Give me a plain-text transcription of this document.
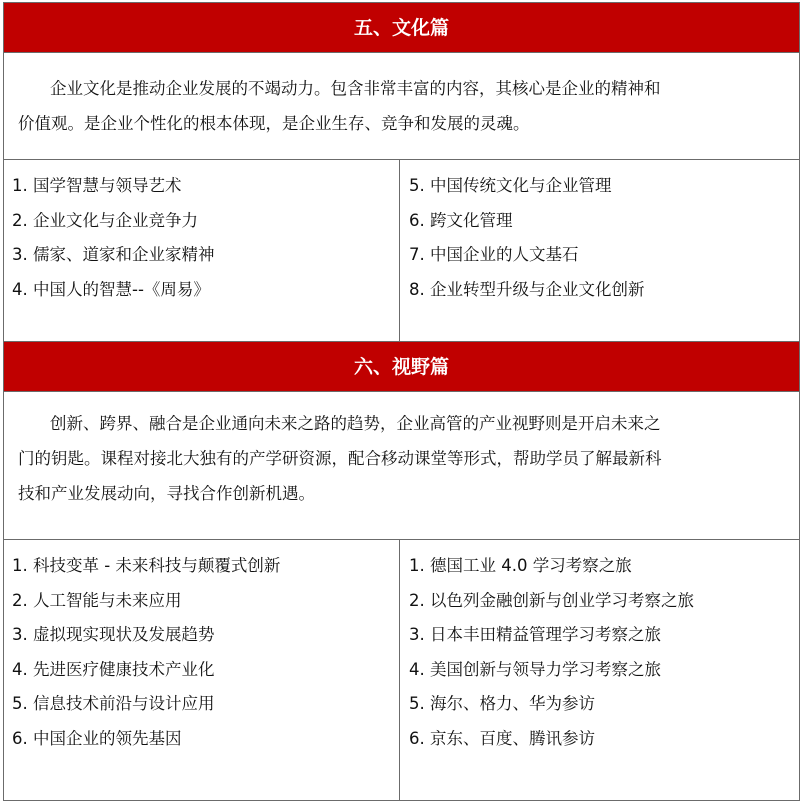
五、文化篇
企业文化是推动企业发展的不竭动力。包含非常丰富的内容，其核心是企业的精神和
价值观。是企业个性化的根本体现，是企业生存、竞争和发展的灵魂。
1. 国学智慧与领导艺术
2. 企业文化与企业竞争力
3. 儒家、道家和企业家精神
4. 中国人的智慧--《周易》
5. 中国传统文化与企业管理
6. 跨文化管理
7. 中国企业的人文基石
8. 企业转型升级与企业文化创新
六、视野篇
创新、跨界、融合是企业通向未来之路的趋势，企业高管的产业视野则是开启未来之
门的钥匙。课程对接北大独有的产学研资源，配合移动课堂等形式，帮助学员了解最新科
技和产业发展动向，寻找合作创新机遇。
1. 科技变革 - 未来科技与颠覆式创新
2. 人工智能与未来应用
3. 虚拟现实现状及发展趋势
4. 先进医疗健康技术产业化
5. 信息技术前沿与设计应用
6. 中国企业的领先基因
1. 德国工业 4.0 学习考察之旅
2. 以色列金融创新与创业学习考察之旅
3. 日本丰田精益管理学习考察之旅
4. 美国创新与领导力学习考察之旅
5. 海尔、格力、华为参访
6. 京东、百度、腾讯参访
